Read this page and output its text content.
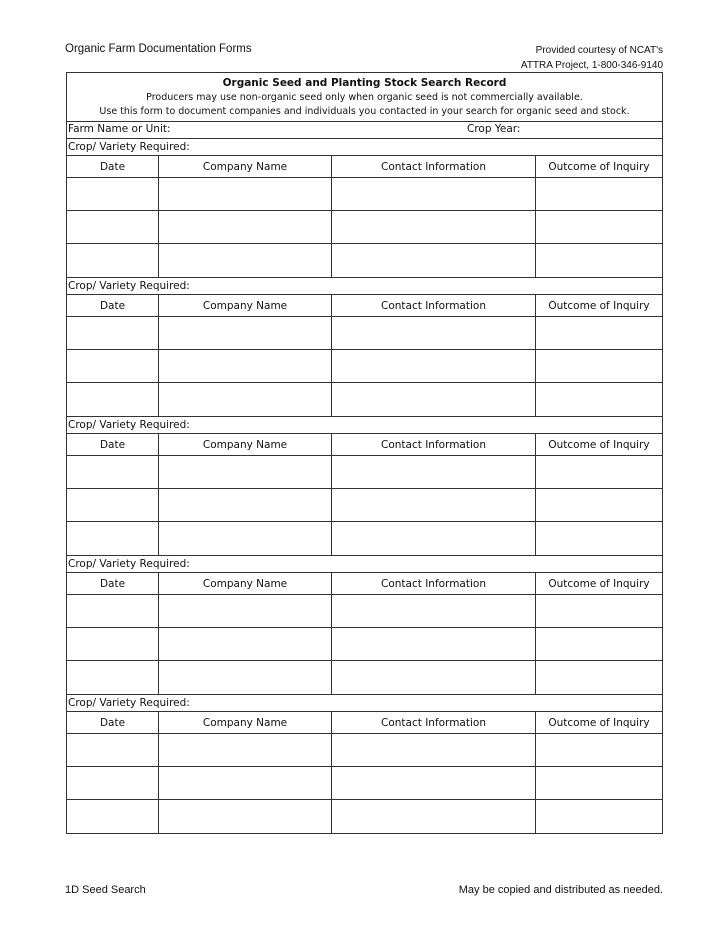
Organic Farm Documentation Forms	Provided courtesy of NCAT's
ATTRA Project, 1-800-346-9140
Organic Seed and Planting Stock Search Record
Producers may use non-organic seed only when organic seed is not commercially available.
Use this form to document companies and individuals you contacted in your search for organic seed and stock.
Farm Name or Unit:	Crop Year:
Crop/ Variety Required:
Date	Company Name	Contact Information	Outcome of Inquiry
Crop/ Variety Required:
Date	Company Name	Contact Information	Outcome of Inquiry
Crop/ Variety Required:
Date	Company Name	Contact Information	Outcome of Inquiry
Crop/ Variety Required:
Date	Company Name	Contact Information	Outcome of Inquiry
Crop/ Variety Required:
Date	Company Name	Contact Information	Outcome of Inquiry
1D Seed Search	May be copied and distributed as needed.
